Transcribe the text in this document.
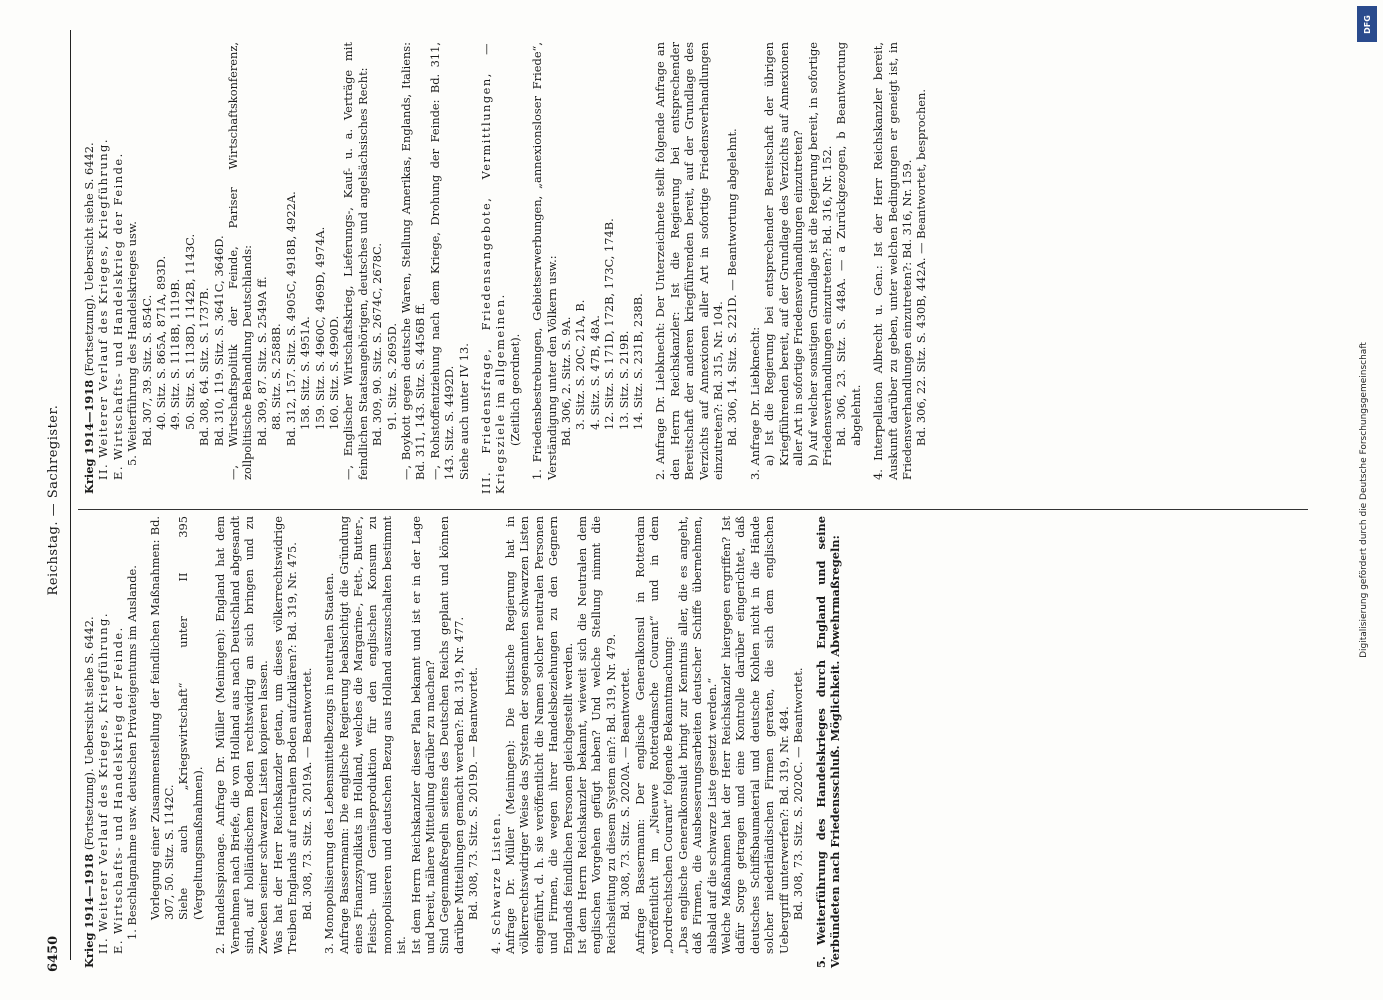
6450
Reichstag. — Sachregister.

Krieg 1914—1918 (Fortsetzung). Uebersicht siehe S. 6442. II. Weiterer Verlauf des Krieges, Kriegführung. E. Wirtschafts- und Handelskrieg der Feinde. 1. Beschlagnahme usw. deutschen Privateigentums im Auslande. Vorlegung einer Zusammenstellung der feindlichen Maßnahmen: Bd. 307, 50. Sitz. S. 1142C. Siehe auch „Kriegswirtschaft“ unter II 395 (Vergeltungsmaßnahmen). 2. Handelsspionage. Anfrage Dr. Müller (Meiningen): England hat dem Vernehmen nach Briefe, die von Holland aus nach Deutschland abgesandt sind, auf holländischem Boden rechtswidrig an sich bringen und zu Zwecken seiner schwarzen Listen kopieren lassen. Was hat der Herr Reichskanzler getan, um dieses völkerrechtswidrige Treiben Englands auf neutralem Boden aufzuklären?: Bd. 319, Nr. 475. Bd. 308, 73. Sitz. S. 2019A. — Beantwortet. 3. Monopolisierung des Lebensmittelbezugs in neutralen Staaten. Anfrage Bassermann: Die englische Regierung beabsichtigt die Gründung eines Finanzsyndikats in Holland, welches die Margarine-, Fett-, Butter-, Fleisch- und Gemüseproduktion für den englischen Konsum zu monopolisieren und deutschen Bezug aus Holland auszuschalten bestimmt ist. Ist dem Herrn Reichskanzler dieser Plan bekannt und ist er in der Lage und bereit, nähere Mitteilung darüber zu machen? Sind Gegenmaßregeln seitens des Deutschen Reichs geplant und können darüber Mitteilungen gemacht werden?: Bd. 319, Nr. 477. Bd. 308, 73. Sitz. S. 2019D. — Beantwortet. 4. Schwarze Listen. Anfrage Dr. Müller (Meiningen): Die britische Regierung hat in völkerrechtswidriger Weise das System der sogenannten schwarzen Listen eingeführt, d. h. sie veröffentlicht die Namen solcher neutralen Personen und Firmen, die wegen ihrer Handelsbeziehungen zu den Gegnern Englands feindlichen Personen gleichgestellt werden. Ist dem Herrn Reichskanzler bekannt, wieweit sich die Neutralen dem englischen Vorgehen gefügt haben? Und welche Stellung nimmt die Reichsleitung zu diesem System ein?: Bd. 319, Nr. 479. Bd. 308, 73. Sitz. S. 2020A. — Beantwortet. Anfrage Bassermann: Der englische Generalkonsul in Rotterdam veröffentlicht im „Nieuwe Rotterdamsche Courant“ und in dem „Dordrechtschen Courant“ folgende Bekanntmachung: „Das englische Generalkonsulat bringt zur Kenntnis aller, die es angeht, daß Firmen, die Ausbesserungsarbeiten deutscher Schiffe übernehmen, alsbald auf die schwarze Liste gesetzt werden.“ Welche Maßnahmen hat der Herr Reichskanzler hiergegen ergriffen? Ist dafür Sorge getragen und eine Kontrolle darüber eingerichtet, daß deutsches Schiffsbaumaterial und deutsche Kohlen nicht in die Hände solcher niederländischen Firmen geraten, die sich dem englischen Uebergriff unterwerfen?: Bd. 319, Nr. 484. Bd. 308, 73. Sitz. S. 2020C. — Beantwortet. 5. Weiterführung des Handelskrieges durch England und seine Verbündeten nach Friedensschluß. Möglichkeit. Abwehrmaßregeln:

Krieg 1914—1918 (Fortsetzung). Uebersicht siehe S. 6442. II. Weiterer Verlauf des Krieges, Kriegführung. E. Wirtschafts- und Handelskrieg der Feinde. 5. Weiterführung des Handelskrieges usw. Bd. 307, 39. Sitz. S. 854C. 40. Sitz. S. 865A, 871A, 893D. 49. Sitz. S. 1118B, 1119B. 50. Sitz. S. 1138D, 1142B, 1143C. Bd. 308, 64. Sitz. S. 1737B. Bd. 310, 119. Sitz. S. 3641C, 3646D. —, Wirtschaftspolitik der Feinde, Pariser Wirtschaftskonferenz, zollpolitische Behandlung Deutschlands: Bd. 309, 87. Sitz. S. 2549A ff. 88. Sitz. S. 2588B. Bd. 312, 157. Sitz. S. 4905C, 4918B, 4922A. 158. Sitz. S. 4951A. 159. Sitz. S. 4960C, 4969D, 4974A. 160. Sitz. S. 4990D. —, Englischer Wirtschaftskrieg, Lieferungs-, Kauf- u. a. Verträge mit feindlichen Staatsangehörigen, deutsches und angelsächsisches Recht: Bd. 309, 90. Sitz. S. 2674C, 2678C. 91. Sitz. S. 2695D. —, Boykott gegen deutsche Waren, Stellung Amerikas, Englands, Italiens: Bd. 311, 143. Sitz. S. 4456B ff. —, Rohstoffentziehung nach dem Kriege, Drohung der Feinde: Bd. 311, 143. Sitz. S. 4492D. Siehe auch unter IV 13. III. Friedensfrage, Friedensangebote, Vermittlungen, — Kriegsziele im allgemeinen. (Zeitlich geordnet). 1. Friedensbestrebungen, Gebietserwerbungen, „annexionsloser Friede“, Verständigung unter den Völkern usw.: Bd. 306, 2. Sitz. S. 9A. 3. Sitz. S. 20C, 21A, B. 4. Sitz. S. 47B, 48A. 12. Sitz. S. 171D, 172B, 173C, 174B. 13. Sitz. S. 219B. 14. Sitz. S. 231B, 238B. 2. Anfrage Dr. Liebknecht: Der Unterzeichnete stellt folgende Anfrage an den Herrn Reichskanzler: Ist die Regierung bei entsprechender Bereitschaft der anderen kriegführenden bereit, auf der Grundlage des Verzichts auf Annexionen aller Art in sofortige Friedensverhandlungen einzutreten?: Bd. 315, Nr. 104. Bd. 306, 14. Sitz. S. 221D. — Beantwortung abgelehnt. 3. Anfrage Dr. Liebknecht: a) Ist die Regierung bei entsprechender Bereitschaft der übrigen Kriegführenden bereit, auf der Grundlage des Verzichts auf Annexionen aller Art in sofortige Friedensverhandlungen einzutreten? b) Auf welcher sonstigen Grundlage ist die Regierung bereit, in sofortige Friedensverhandlungen einzutreten?: Bd. 316, Nr. 152. Bd. 306, 23. Sitz. S. 448A. — a Zurückgezogen, b Beantwortung abgelehnt. 4. Interpellation Albrecht u. Gen.: Ist der Herr Reichskanzler bereit, Auskunft darüber zu geben, unter welchen Bedingungen er geneigt ist, in Friedensverhandlungen einzutreten?: Bd. 316, Nr. 159. Bd. 306, 22. Sitz. S. 430B, 442A. — Beantwortet, besprochen.

Digitalisierung gefördert durch die Deutsche Forschungsgemeinschaft
DFG
